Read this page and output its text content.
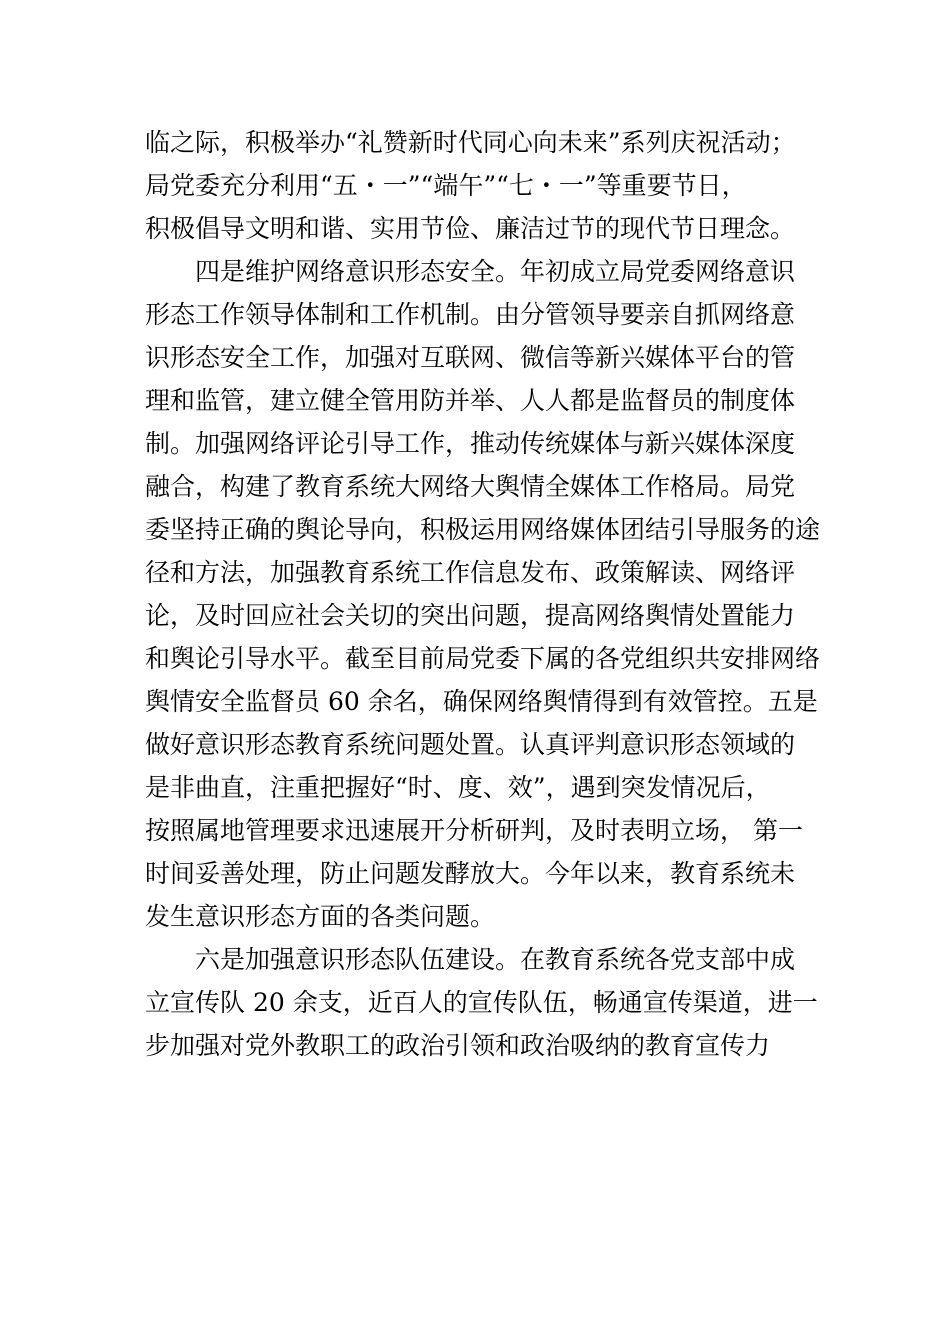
临之际，积极举办“礼赞新时代同心向未来”系列庆祝活动；

局党委充分利用“五・一”“端午”“七・一”等重要节日，

积极倡导文明和谐、实用节俭、廉洁过节的现代节日理念。

四是维护网络意识形态安全。年初成立局党委网络意识

形态工作领导体制和工作机制。由分管领导要亲自抓网络意

识形态安全工作，加强对互联网、微信等新兴媒体平台的管

理和监管，建立健全管用防并举、人人都是监督员的制度体

制。加强网络评论引导工作，推动传统媒体与新兴媒体深度

融合，构建了教育系统大网络大舆情全媒体工作格局。局党

委坚持正确的舆论导向，积极运用网络媒体团结引导服务的途

径和方法，加强教育系统工作信息发布、政策解读、网络评

论，及时回应社会关切的突出问题，提高网络舆情处置能力

和舆论引导水平。截至目前局党委下属的各党组织共安排网络

舆情安全监督员 60 余名，确保网络舆情得到有效管控。五是

做好意识形态教育系统问题处置。认真评判意识形态领域的

是非曲直，注重把握好“时、度、效”，遇到突发情况后，

按照属地管理要求迅速展开分析研判，及时表明立场， 第一

时间妥善处理，防止问题发酵放大。今年以来，教育系统未

发生意识形态方面的各类问题。

六是加强意识形态队伍建设。在教育系统各党支部中成

立宣传队 20 余支，近百人的宣传队伍，畅通宣传渠道，进一

步加强对党外教职工的政治引领和政治吸纳的教育宣传力
